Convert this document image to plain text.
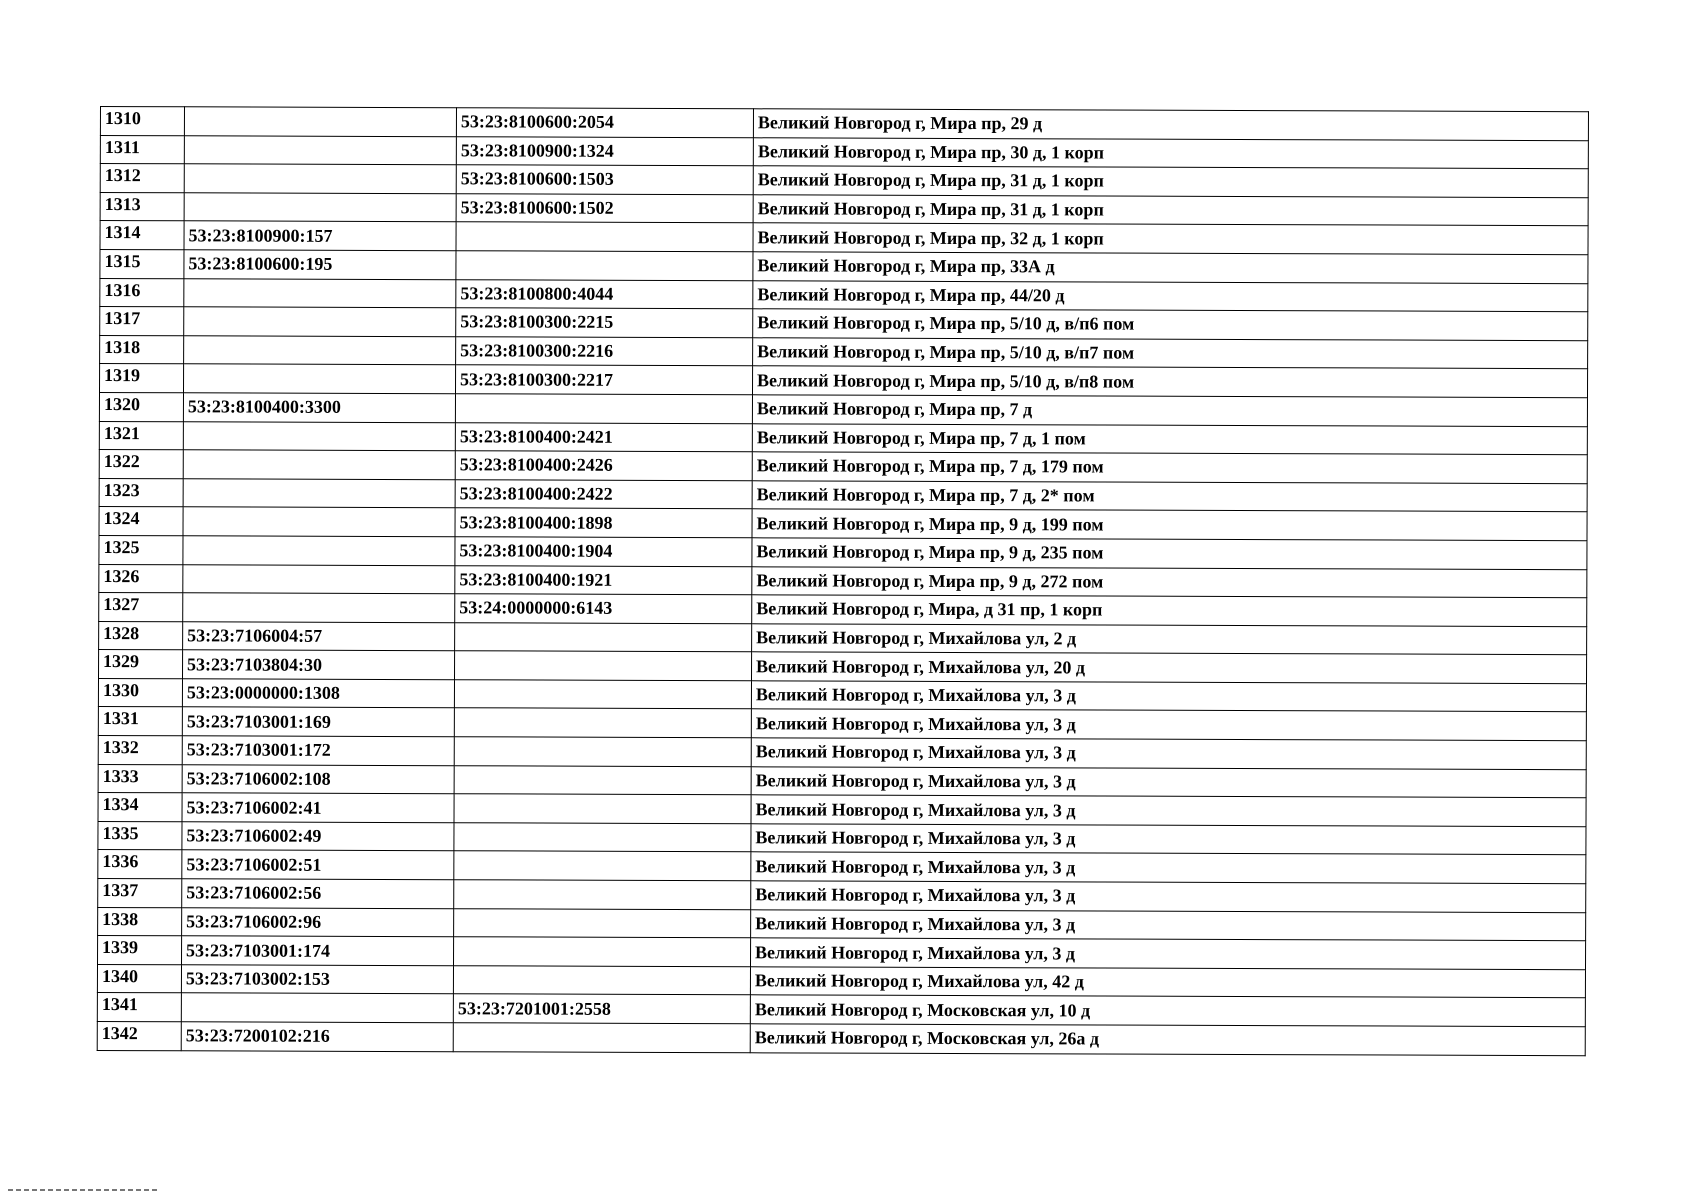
1310		53:23:8100600:2054	Великий Новгород г, Мира пр, 29 д
1311		53:23:8100900:1324	Великий Новгород г, Мира пр, 30 д, 1 корп
1312		53:23:8100600:1503	Великий Новгород г, Мира пр, 31 д, 1 корп
1313		53:23:8100600:1502	Великий Новгород г, Мира пр, 31 д, 1 корп
1314	53:23:8100900:157		Великий Новгород г, Мира пр, 32 д, 1 корп
1315	53:23:8100600:195		Великий Новгород г, Мира пр, 33А д
1316		53:23:8100800:4044	Великий Новгород г, Мира пр, 44/20 д
1317		53:23:8100300:2215	Великий Новгород г, Мира пр, 5/10 д, в/п6 пом
1318		53:23:8100300:2216	Великий Новгород г, Мира пр, 5/10 д, в/п7 пом
1319		53:23:8100300:2217	Великий Новгород г, Мира пр, 5/10 д, в/п8 пом
1320	53:23:8100400:3300		Великий Новгород г, Мира пр, 7 д
1321		53:23:8100400:2421	Великий Новгород г, Мира пр, 7 д, 1 пом
1322		53:23:8100400:2426	Великий Новгород г, Мира пр, 7 д, 179 пом
1323		53:23:8100400:2422	Великий Новгород г, Мира пр, 7 д, 2* пом
1324		53:23:8100400:1898	Великий Новгород г, Мира пр, 9 д, 199 пом
1325		53:23:8100400:1904	Великий Новгород г, Мира пр, 9 д, 235 пом
1326		53:23:8100400:1921	Великий Новгород г, Мира пр, 9 д, 272 пом
1327		53:24:0000000:6143	Великий Новгород г, Мира, д 31 пр, 1 корп
1328	53:23:7106004:57		Великий Новгород г, Михайлова ул, 2 д
1329	53:23:7103804:30		Великий Новгород г, Михайлова ул, 20 д
1330	53:23:0000000:1308		Великий Новгород г, Михайлова ул, 3 д
1331	53:23:7103001:169		Великий Новгород г, Михайлова ул, 3 д
1332	53:23:7103001:172		Великий Новгород г, Михайлова ул, 3 д
1333	53:23:7106002:108		Великий Новгород г, Михайлова ул, 3 д
1334	53:23:7106002:41		Великий Новгород г, Михайлова ул, 3 д
1335	53:23:7106002:49		Великий Новгород г, Михайлова ул, 3 д
1336	53:23:7106002:51		Великий Новгород г, Михайлова ул, 3 д
1337	53:23:7106002:56		Великий Новгород г, Михайлова ул, 3 д
1338	53:23:7106002:96		Великий Новгород г, Михайлова ул, 3 д
1339	53:23:7103001:174		Великий Новгород г, Михайлова ул, 3 д
1340	53:23:7103002:153		Великий Новгород г, Михайлова ул, 42 д
1341		53:23:7201001:2558	Великий Новгород г, Московская ул, 10 д
1342	53:23:7200102:216		Великий Новгород г, Московская ул, 26а д
